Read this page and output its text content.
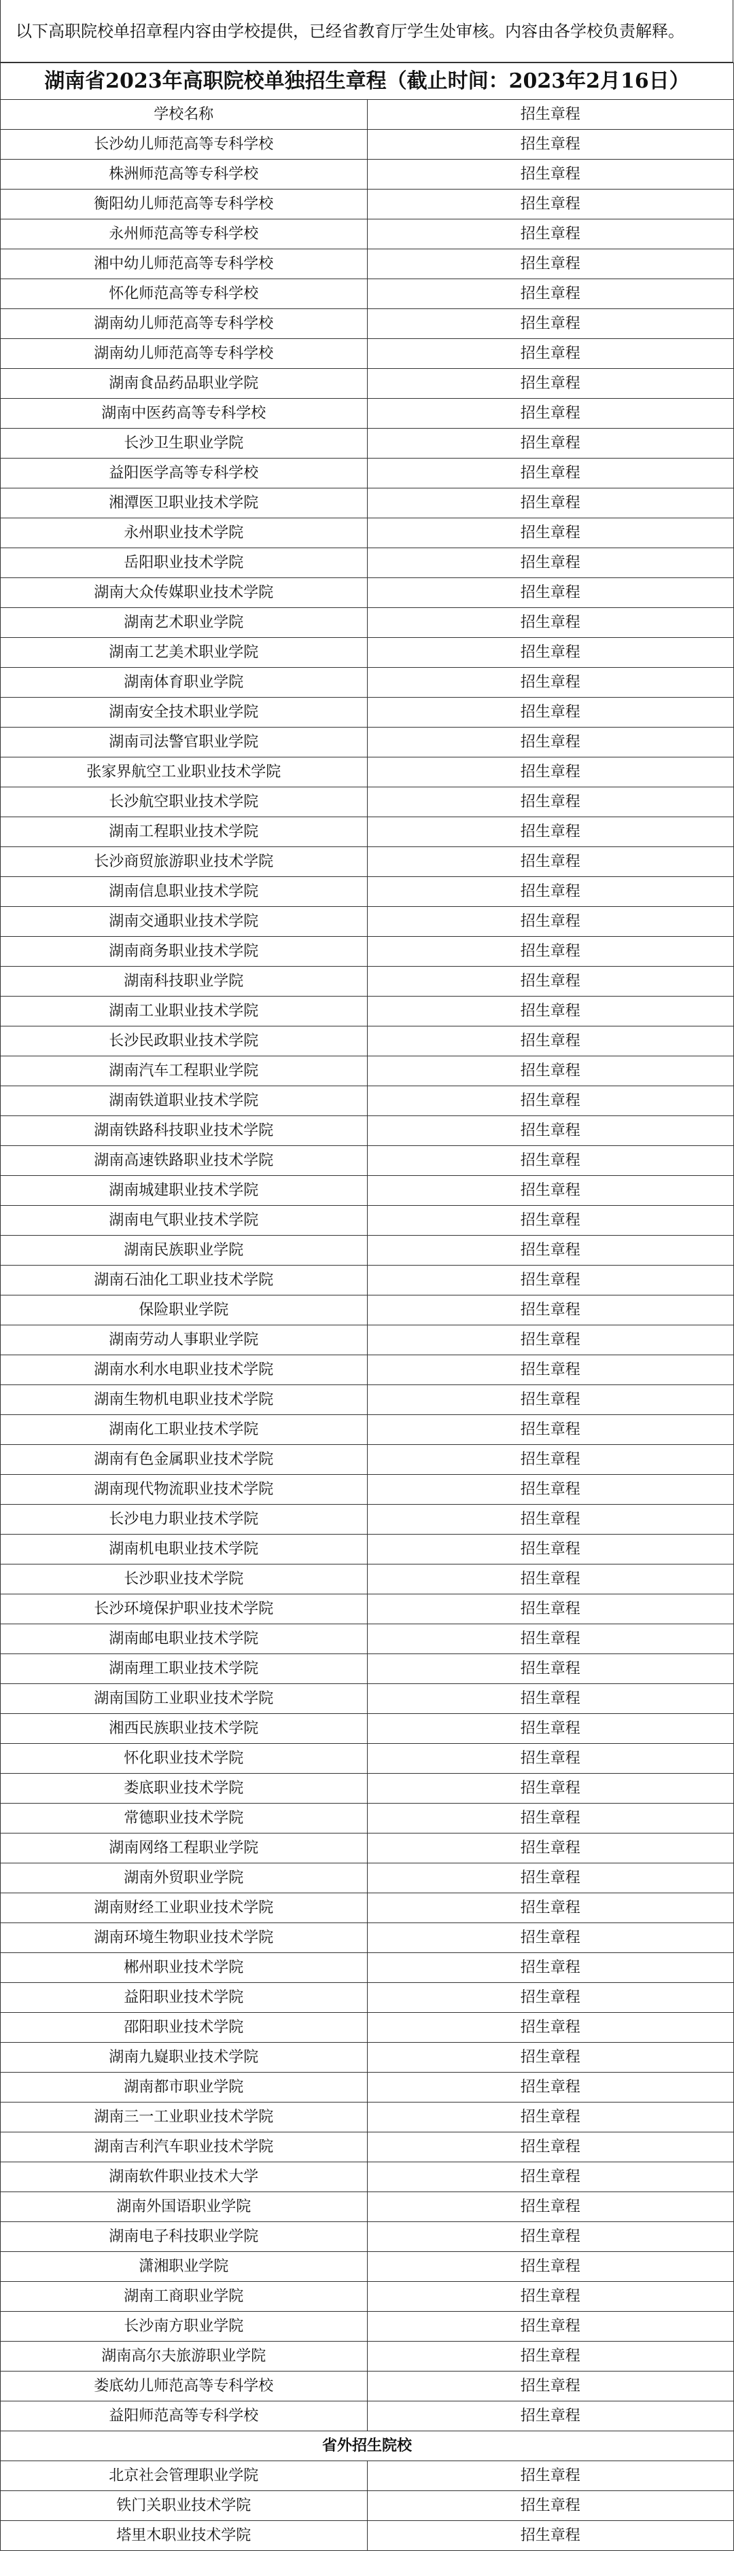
以下高职院校单招章程内容由学校提供，已经省教育厅学生处审核。内容由各学校负责解释。
湖南省2023年高职院校单独招生章程（截止时间：2023年2月16日）	
学校名称	招生章程
长沙幼儿师范高等专科学校	招生章程
株洲师范高等专科学校	招生章程
衡阳幼儿师范高等专科学校	招生章程
永州师范高等专科学校	招生章程
湘中幼儿师范高等专科学校	招生章程
怀化师范高等专科学校	招生章程
湖南幼儿师范高等专科学校	招生章程
湖南幼儿师范高等专科学校	招生章程
湖南食品药品职业学院	招生章程
湖南中医药高等专科学校	招生章程
长沙卫生职业学院	招生章程
益阳医学高等专科学校	招生章程
湘潭医卫职业技术学院	招生章程
永州职业技术学院	招生章程
岳阳职业技术学院	招生章程
湖南大众传媒职业技术学院	招生章程
湖南艺术职业学院	招生章程
湖南工艺美术职业学院	招生章程
湖南体育职业学院	招生章程
湖南安全技术职业学院	招生章程
湖南司法警官职业学院	招生章程
张家界航空工业职业技术学院	招生章程
长沙航空职业技术学院	招生章程
湖南工程职业技术学院	招生章程
长沙商贸旅游职业技术学院	招生章程
湖南信息职业技术学院	招生章程
湖南交通职业技术学院	招生章程
湖南商务职业技术学院	招生章程
湖南科技职业学院	招生章程
湖南工业职业技术学院	招生章程
长沙民政职业技术学院	招生章程
湖南汽车工程职业学院	招生章程
湖南铁道职业技术学院	招生章程
湖南铁路科技职业技术学院	招生章程
湖南高速铁路职业技术学院	招生章程
湖南城建职业技术学院	招生章程
湖南电气职业技术学院	招生章程
湖南民族职业学院	招生章程
湖南石油化工职业技术学院	招生章程
保险职业学院	招生章程
湖南劳动人事职业学院	招生章程
湖南水利水电职业技术学院	招生章程
湖南生物机电职业技术学院	招生章程
湖南化工职业技术学院	招生章程
湖南有色金属职业技术学院	招生章程
湖南现代物流职业技术学院	招生章程
长沙电力职业技术学院	招生章程
湖南机电职业技术学院	招生章程
长沙职业技术学院	招生章程
长沙环境保护职业技术学院	招生章程
湖南邮电职业技术学院	招生章程
湖南理工职业技术学院	招生章程
湖南国防工业职业技术学院	招生章程
湘西民族职业技术学院	招生章程
怀化职业技术学院	招生章程
娄底职业技术学院	招生章程
常德职业技术学院	招生章程
湖南网络工程职业学院	招生章程
湖南外贸职业学院	招生章程
湖南财经工业职业技术学院	招生章程
湖南环境生物职业技术学院	招生章程
郴州职业技术学院	招生章程
益阳职业技术学院	招生章程
邵阳职业技术学院	招生章程
湖南九嶷职业技术学院	招生章程
湖南都市职业学院	招生章程
湖南三一工业职业技术学院	招生章程
湖南吉利汽车职业技术学院	招生章程
湖南软件职业技术大学	招生章程
湖南外国语职业学院	招生章程
湖南电子科技职业学院	招生章程
潇湘职业学院	招生章程
湖南工商职业学院	招生章程
长沙南方职业学院	招生章程
湖南高尔夫旅游职业学院	招生章程
娄底幼儿师范高等专科学校	招生章程
益阳师范高等专科学校	招生章程
省外招生院校	
北京社会管理职业学院	招生章程
铁门关职业技术学院	招生章程
塔里木职业技术学院	招生章程
